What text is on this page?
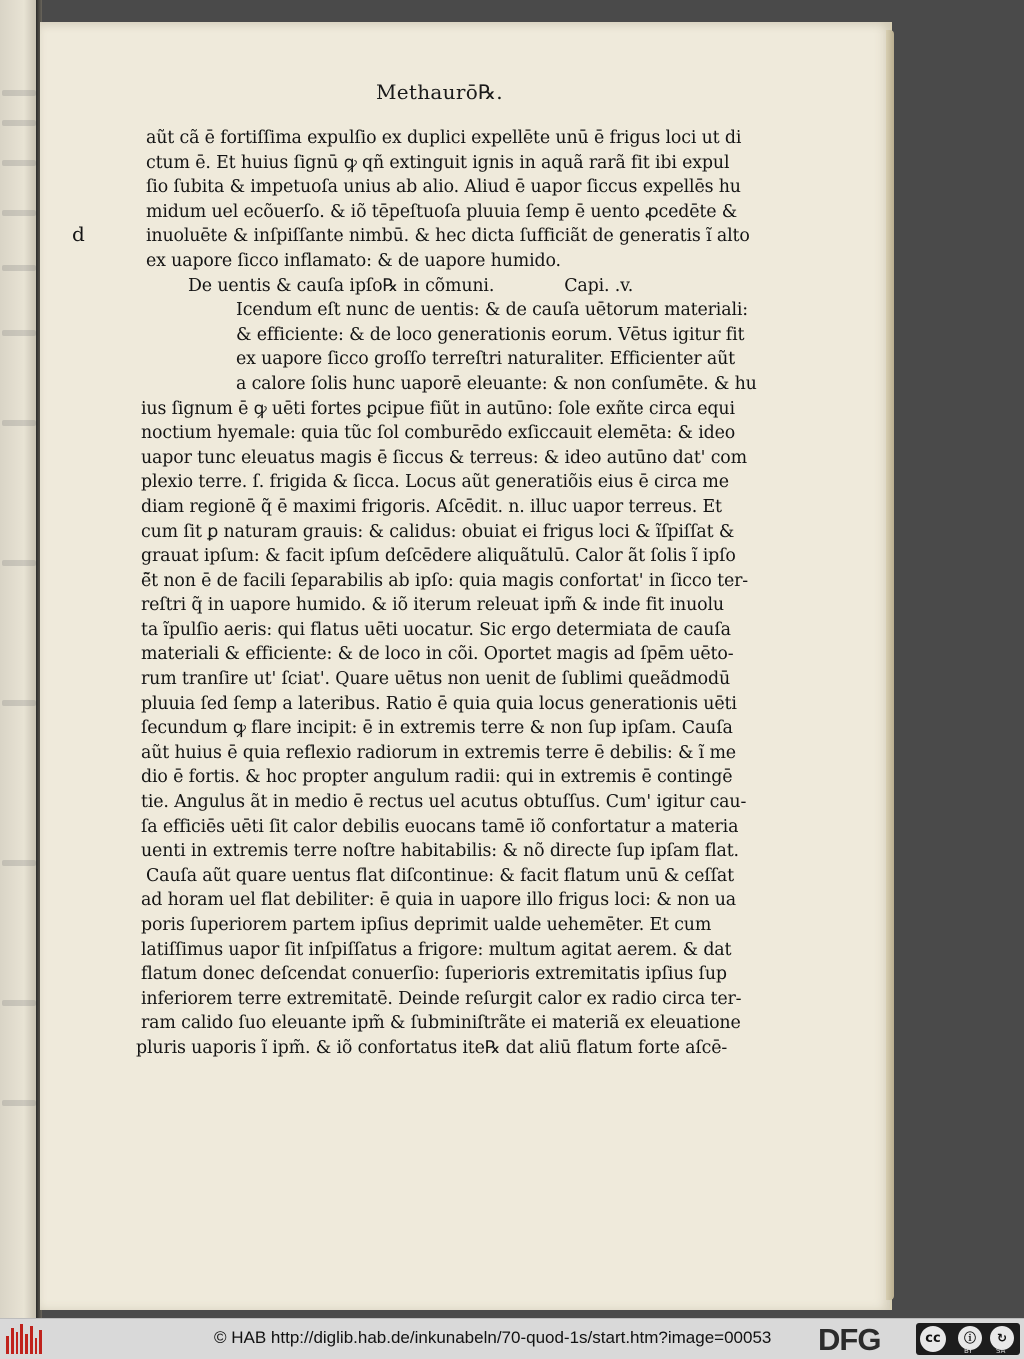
Methaurō℞.
d
aũt cã ē fortiſſima expulſio ex duplici expellēte unū ē frigus loci ut di
ctum ē. Et huius ſignū ꝙ qñ extinguit ignis in aquã rarã fit ibi expul
ſio ſubita & impetuoſa unius ab alio. Aliud ē uapor ſiccus expellēs hu
midum uel ecõuerſo. & iõ tēpeſtuoſa pluuia ſemp ē uento ꝓcedēte &
inuoluēte & inſpiſſante nimbū. & hec dicta ſufficiãt de generatis ĩ alto
ex uapore ſicco inflamato: & de uapore humido.
De uentis & cauſa ipſo℞ in cõmuni.	Capi. .v.
Icendum eſt nunc de uentis: & de cauſa uētorum materiali:
& efficiente: & de loco generationis eorum. Vētus igitur fit
ex uapore ſicco groſſo terreſtri naturaliter. Efficienter aũt
a calore ſolis hunc uaporē eleuante: & non conſumēte. & hu
ius ſignum ē ꝙ uēti fortes ꝑcipue fiũt in autūno: ſole exñte circa equi
noctium hyemale: quia tũc ſol comburēdo exſiccauit elemēta: & ideo
uapor tunc eleuatus magis ē ſiccus & terreus: & ideo autūno dat' com
plexio terre. ſ. frigida & ſicca. Locus aũt generatiõis eius ē circa me
diam regionē q̃ ē maximi frigoris. Aſcēdit. n. illuc uapor terreus. Et
cum ſit ꝑ naturam grauis: & calidus: obuiat ei frigus loci & ĩſpiſſat &
grauat ipſum: & facit ipſum deſcēdere aliquãtulū. Calor ãt ſolis ĩ ipſo
ē̃t non ē de facili ſeparabilis ab ipſo: quia magis confortat' in ſicco ter-
reſtri q̃ in uapore humido. & iõ iterum releuat ipm̃ & inde fit inuolu
ta ĩpulſio aeris: qui flatus uēti uocatur. Sic ergo determiata de cauſa
materiali & efficiente: & de loco in cõi. Oportet magis ad ſpēm uēto-
rum tranſire ut' ſciat'. Quare uētus non uenit de ſublimi queãdmodū
pluuia ſed ſemp a lateribus. Ratio ē quia quia locus generationis uēti
ſecundum ꝙ flare incipit: ē in extremis terre & non ſup ipſam. Cauſa
aũt huius ē quia reflexio radiorum in extremis terre ē debilis: & ĩ me
dio ē fortis. & hoc propter angulum radii: qui in extremis ē contingē
tie. Angulus ãt in medio ē rectus uel acutus obtuſſus. Cum' igitur cau-
ſa efficiēs uēti ſit calor debilis euocans tamē iõ confortatur a materia
uenti in extremis terre noſtre habitabilis: & nõ directe ſup ipſam flat.
Cauſa aũt quare uentus flat diſcontinue: & facit flatum unū & ceſſat
ad horam uel flat debiliter: ē quia in uapore illo frigus loci: & non ua
poris ſuperiorem partem ipſius deprimit ualde uehemēter. Et cum
latiſſimus uapor ſit inſpiſſatus a frigore: multum agitat aerem. & dat
flatum donec deſcendat conuerſio: ſuperioris extremitatis ipſius ſup
inferiorem terre extremitatē. Deinde reſurgit calor ex radio circa ter-
ram calido ſuo eleuante ipm̃ & ſubminiſtrãte ei materiã ex eleuatione
pluris uaporis ĩ ipm̃. & iõ confortatus ite℞ dat aliū flatum forte aſcē-
© HAB http://diglib.hab.de/inkunabeln/70-quod-1s/start.htm?image=00053 DFG	cc	ⓘ	↻
BY	SA
